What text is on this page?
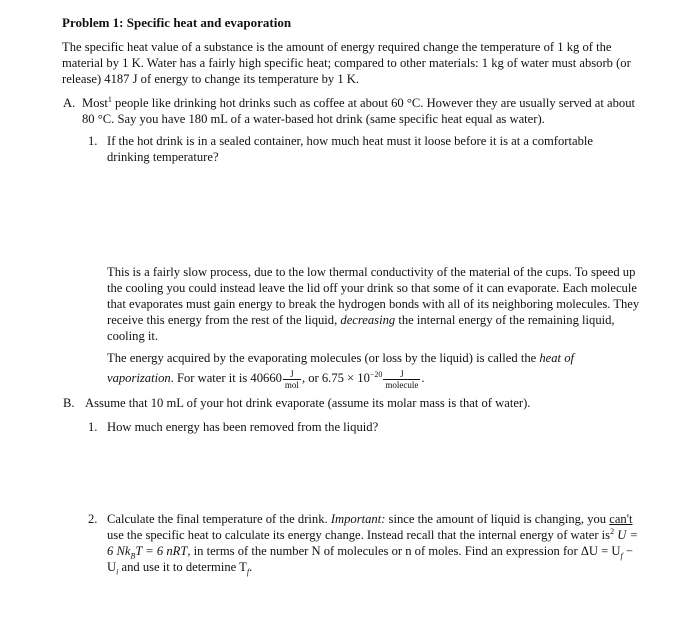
Problem 1: Specific heat and evaporation
The specific heat value of a substance is the amount of energy required change the temperature of 1 kg of the material by 1 K. Water has a fairly high specific heat; compared to other materials: 1 kg of water must absorb (or release) 4187 J of energy to change its temperature by 1 K.
A. Most$^1$ people like drinking hot drinks such as coffee at about 60 °C. However they are usually served at about 80 °C. Say you have 180 mL of a water-based hot drink (same specific heat equal as water).
1. If the hot drink is in a sealed container, how much heat must it loose before it is at a comfortable drinking temperature?
This is a fairly slow process, due to the low thermal conductivity of the material of the cups. To speed up the cooling you could instead leave the lid off your drink so that some of it can evaporate. Each molecule that evaporates must gain energy to break the hydrogen bonds with all of its neighboring molecules. They receive this energy from the rest of the liquid, decreasing the internal energy of the remaining liquid, cooling it.
The energy acquired by the evaporating molecules (or loss by the liquid) is called the heat of vaporization. For water it is $40660 \frac{J}{\text{mol}}$ , or $6.75 \times 10^{-20} \frac{J}{\text{molecule}}$ .
B. Assume that 10 mL of your hot drink evaporate (assume its molar mass is that of water).
1. How much energy has been removed from the liquid?
2. Calculate the final temperature of the drink. Important: since the amount of liquid is changing, you can't use the specific heat to calculate its energy change. Instead recall that the internal energy of water $is^2$ U = 6 $Nk_BT = 6$ nRT, in terms of the number N of molecules or n of moles. Find an expression for $\Delta U = U_f - U_i$ and use it to determine $T_f$.
